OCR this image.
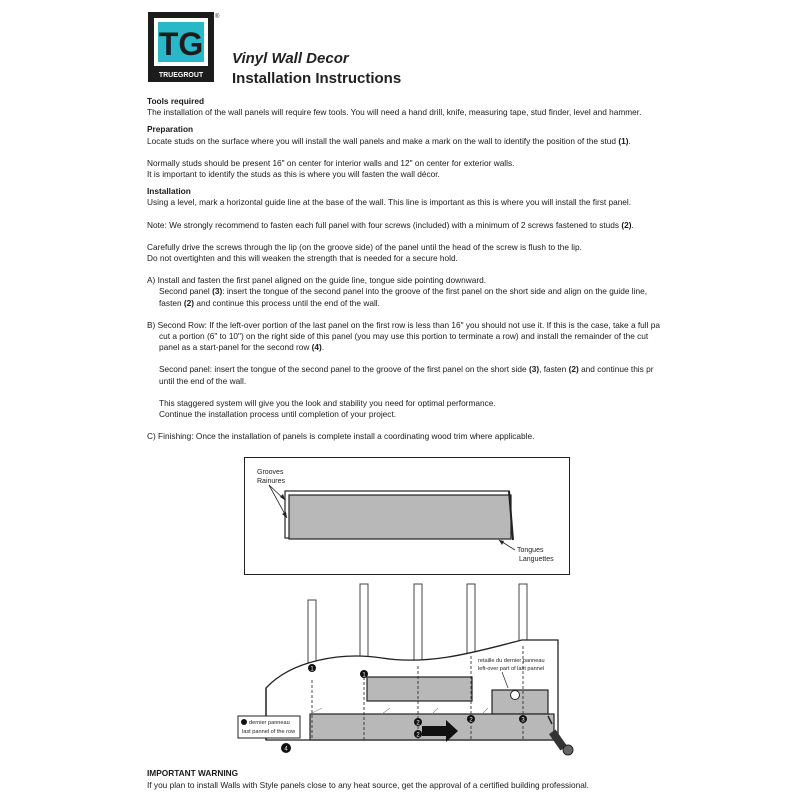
TG
TRUEGROUT
®
Vinyl Wall Decor
Installation Instructions

Tools required

The installation of the wall panels will require few tools. You will need a hand drill, knife, measuring tape, stud finder, level and hammer.

Preparation

Locate studs on the surface where you will install the wall panels and make a mark on the wall to identify the position of the stud (1).

Normally studs should be present 16" on center for interior walls and 12" on center for exterior walls.

It is important to identify the studs as this is where you will fasten the wall décor.

Installation

Using a level, mark a horizontal guide line at the base of the wall. This line is important as this is where you will install the first panel.

Note: We strongly recommend to fasten each full panel with four screws (included) with a minimum of 2 screws fastened to studs (2).

Carefully drive the screws through the lip (on the groove side) of the panel until the head of the screw is flush to the lip.

Do not overtighten and this will weaken the strength that is needed for a secure hold.

A) Install and fasten the first panel aligned on the guide line, tongue side pointing downward.

Second panel (3): insert the tongue of the second panel into the groove of the first panel on the short side and align on the guide line,

fasten (2) and continue this process until the end of the wall.

B) Second Row: If the left-over portion of the last panel on the first row is less than 16" you should not use it. If this is the case, take a full pa

cut a portion (6" to 10") on the right side of this panel (you may use this portion to terminate a row) and install the remainder of the cut

panel as a start-panel for the second row (4).

Second panel: insert the tongue of the second panel to the groove of the first panel on the short side (3), fasten (2) and continue this pr

until the end of the wall.

This staggered system will give you the look and stability you need for optimal performance.

Continue the installation process until completion of your project.

C) Finishing: Once the installation of panels is complete install a coordinating wood trim where applicable.

Grooves
Rainures
Tongues
Languettes
retaille du dernier panneau
left-over part of last pannel
1
1
2
2
2	3
4
dernier panneau
last pannel of the row

IMPORTANT WARNING

If you plan to install Walls with Style panels close to any heat source, get the approval of a certified building professional.
